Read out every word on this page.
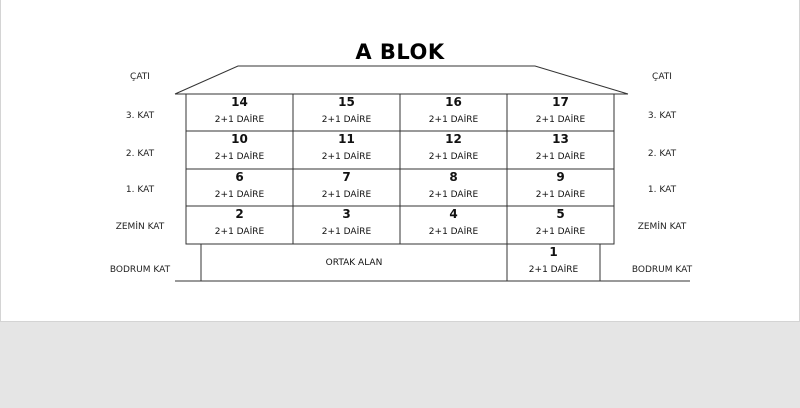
A BLOK
ÇATI
3. KAT
2. KAT
1. KAT
ZEMİN KAT
BODRUM KAT
ÇATI
3. KAT
2. KAT
1. KAT
ZEMİN KAT
BODRUM KAT
14
2+1 DAİRE
15
2+1 DAİRE
16
2+1 DAİRE
17
2+1 DAİRE
10
2+1 DAİRE
11
2+1 DAİRE
12
2+1 DAİRE
13
2+1 DAİRE
6
2+1 DAİRE
7
2+1 DAİRE
8
2+1 DAİRE
9
2+1 DAİRE
2
2+1 DAİRE
3
2+1 DAİRE
4
2+1 DAİRE
5
2+1 DAİRE
ORTAK ALAN
1
2+1 DAİRE
